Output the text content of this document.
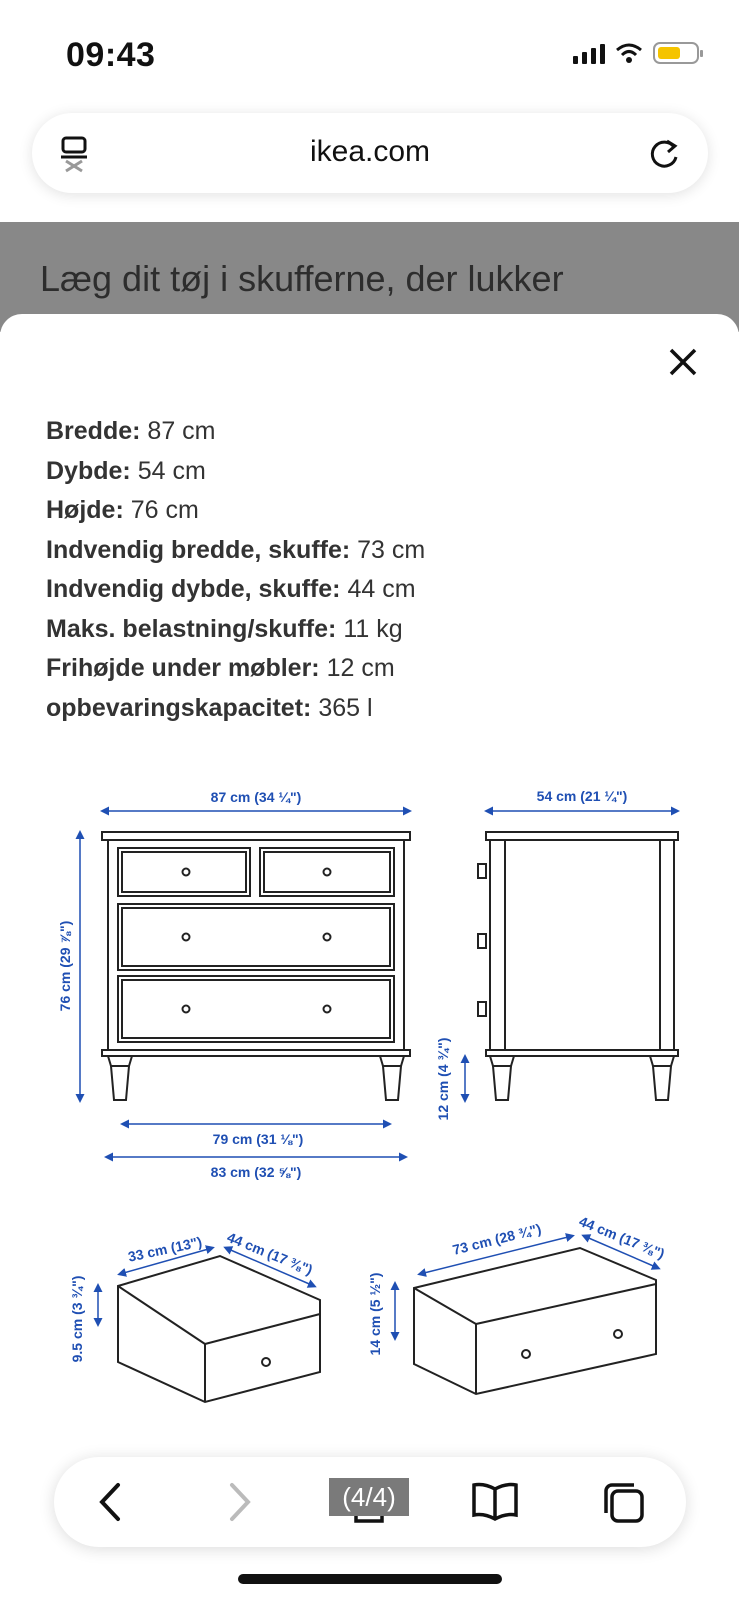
09:43
ikea.com
Læg dit tøj i skufferne, der lukker
Bredde: 87 cm
Dybde: 54 cm
Højde: 76 cm
Indvendig bredde, skuffe: 73 cm
Indvendig dybde, skuffe: 44 cm
Maks. belastning/skuffe: 11 kg
Frihøjde under møbler: 12 cm
opbevaringskapacitet: 365 l
87 cm (34 ¼")	54 cm (21 ¼")
76 cm (29 ⅞")
12 cm (4 ¾")
79 cm (31 ⅛")
83 cm (32 ⅝")
33 cm (13") 44 cm (17 ⅜")
9.5 cm (3 ¾")
73 cm (28 ¾") 44 cm (17 ⅜")
14 cm (5 ½")
(4/4)
